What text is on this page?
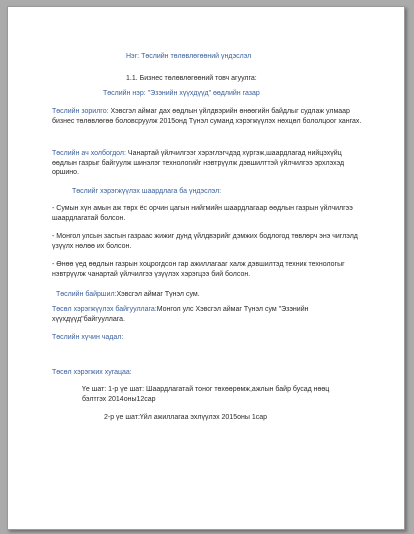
Нэг: Төслийн төлөвлөгөөний үндэслэл
1.1. Бизнес төлөвлөгөөний товч агуулга:
Төслийн нэр: "Эзэнийн хүүхдүүд" өөдлийн газар
Төслийн зорилго: Хэвсгэл аймаг дах өөдлын үйлдвэрийн өнөөгийн байдлыг судлаж улмаар бизнес төлөвлөгөө боловсруулж 2015онд Түнэл суманд хэрэгжүүлэх нөхцөл бололцоог хангах.
Төслийн ач холбогдол: Чанартай үйлчилгээг хэрэглэгчдэд хүргэж,шаардлагад нийцэхүйц өөдлын газрыг байгуулж шинэлэг технологийг нэвтрүүлж дэвшилттэй үйлчилгээ эрхлэхэд оршино.
Төслийг хэрэгжүүлэх шаардлага ба үндэслэл:
- Сумын хүн амын аж төрх ёс орчин цагын нийгмийн шаардлагаар өөдлын газрын үйлчилгээ шаардлагатай болсон.
- Монгол улсын засгын газраас жижиг дунд үйлдвэрийг дэмжих бодлогод төвлөрч энэ чиглэлд үзүүлх нөлөө их болсон.
- Өнөө үед өөдлын газрын хоцрогдсон гар ажиллагааг халж дэвшилтэд техник технологыг нэвтрүүлж чанартай үйлчилгээ үзүүлэх хэрэгцээ бий болсон.
Төслийн байршил:Хэвсгэл аймаг Түнэл сум.
Төсөл хэрэгжүүлэх байгууллага:Монгол улс Хэвсгэл аймаг Түнэл сум "Эзэнийн хүүхдүүд"байгууллага.
Төслийн хүчин чадал:
Төсөл хэрэгжих хугацаа:
Үе шат: 1-р үе шат: Шаардлагатай тоног төхөөрөмж,ажлын байр бусад нөөц бэлтгэх 2014оны12сар
2-р үе шат:Үйл ажиллагаа эхлүүлэх 2015оны 1сар
